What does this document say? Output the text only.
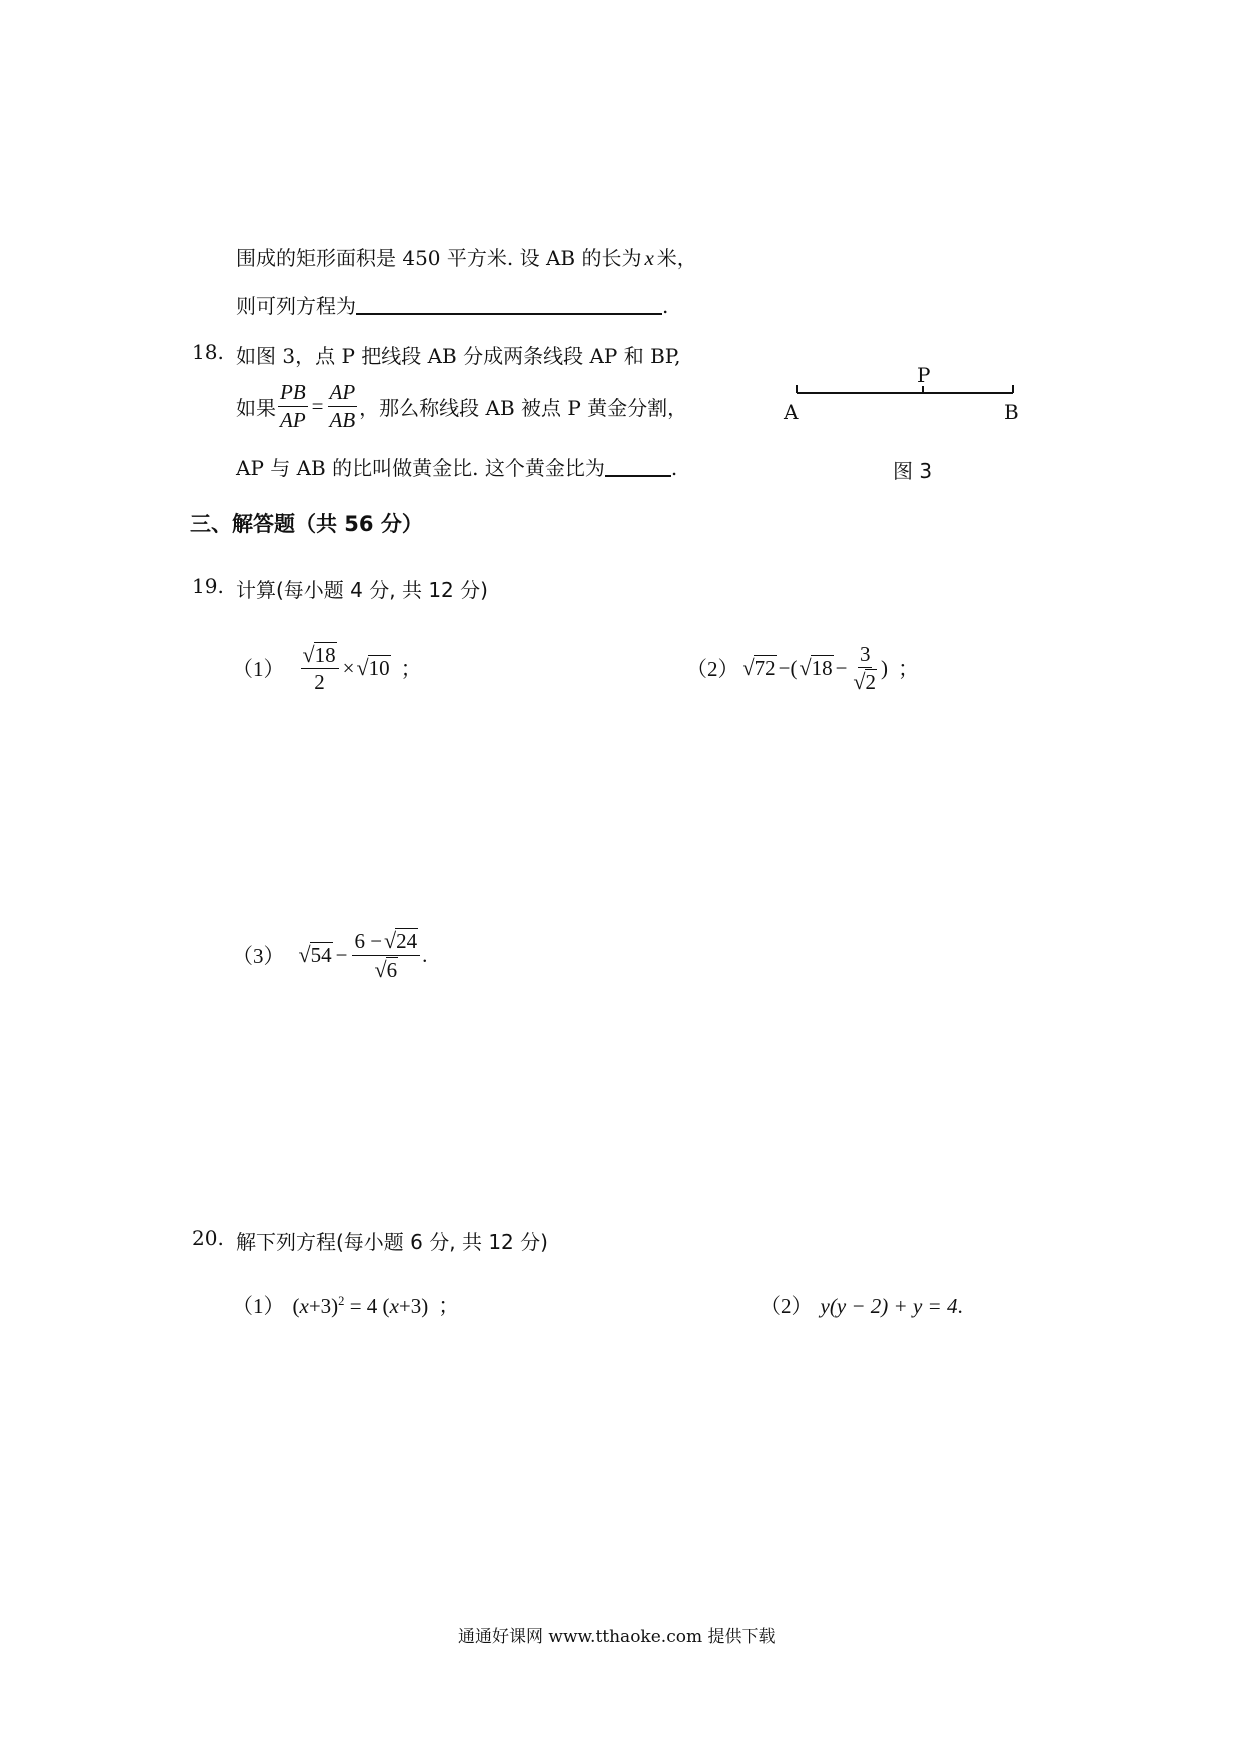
围成的矩形面积是 450 平方米. 设 AB 的长为 x 米，
则可列方程为	.
18. 如图 3，点 P 把线段 AB 分成两条线段 AP 和 BP,
如果 $\frac{PB}{AP} = \frac{AP}{AB}$ ，那么称线段 AB 被点 P 黄金分割，
AP 与 AB 的比叫做黄金比. 这个黄金比为	.
P
A	B
图 3
三、解答题（共 56 分）
19. 计算(每小题 4 分, 共 12 分)
$(1) \frac{√18}{2} \times √10$ ；	（2） √72 −( $√18 - \frac{3}{√2}$ ) ；
（3） $√54 - \frac{6 -√24}{√6}$ .
20. 解下列方程(每小题 6 分, 共 12 分)
（1） $(x+3)^2 = 4$ (x+3) ；	（2） y(y − 2) + y = 4.
通通好课网 www.tthaoke.com 提供下载
